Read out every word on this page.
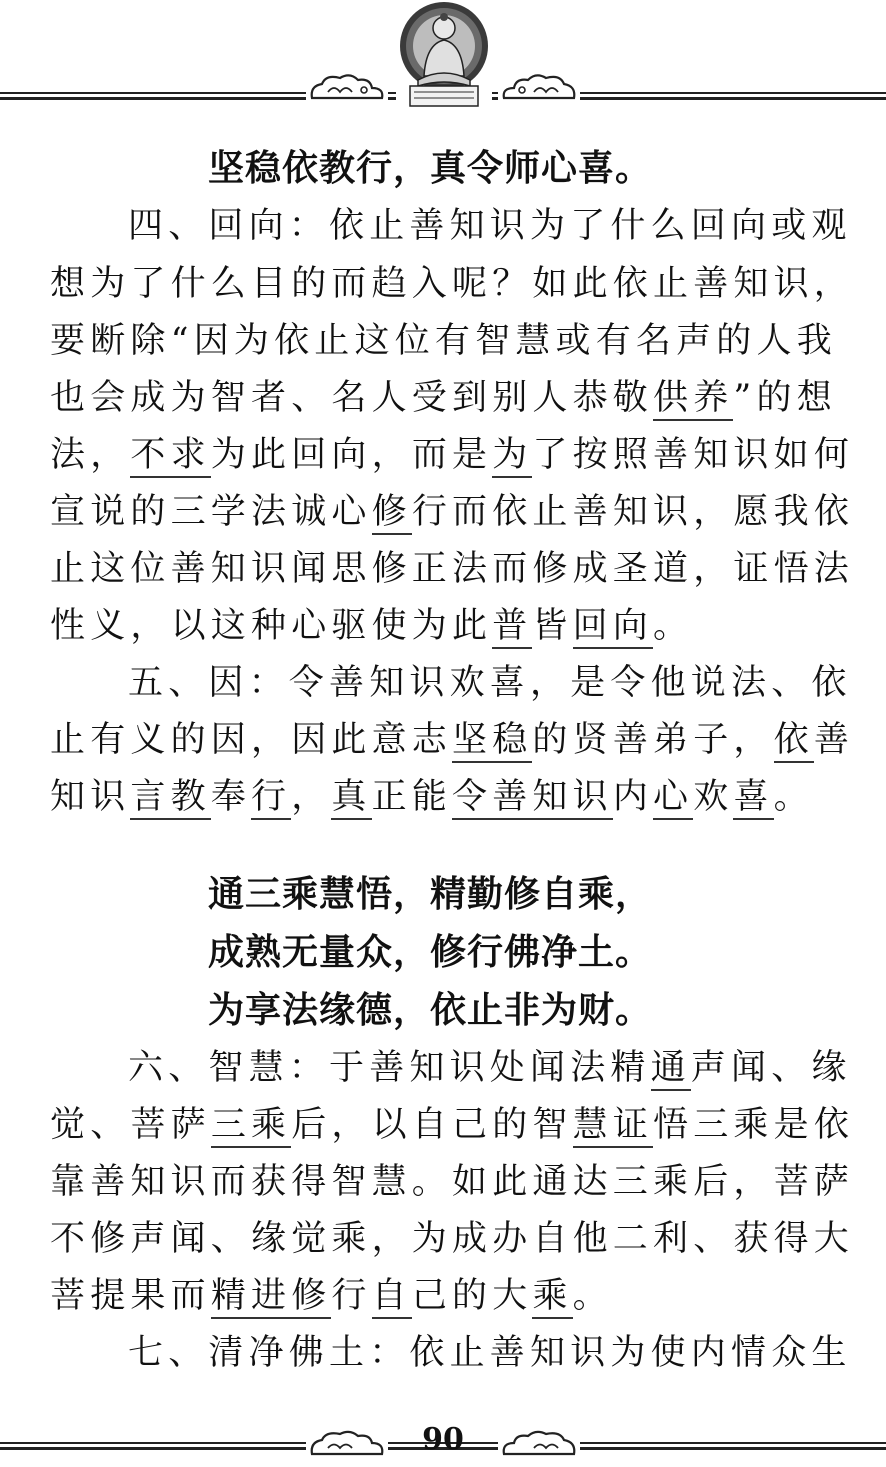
坚稳依教行，真令师心喜。
四、回向：依止善知识为了什么回向或观
想为了什么目的而趋入呢？如此依止善知识，
要断除“因为依止这位有智慧或有名声的人我
也会成为智者、名人受到别人恭敬供养”的想
法，不求为此回向，而是为了按照善知识如何
宣说的三学法诚心修行而依止善知识，愿我依
止这位善知识闻思修正法而修成圣道，证悟法
性义，以这种心驱使为此普皆回向。
五、因：令善知识欢喜，是令他说法、依
止有义的因，因此意志坚稳的贤善弟子，依善
知识言教奉行，真正能令善知识内心欢喜。
通三乘慧悟，精勤修自乘，
成熟无量众，修行佛净土。
为享法缘德，依止非为财。
六、智慧：于善知识处闻法精通声闻、缘
觉、菩萨三乘后，以自己的智慧证悟三乘是依
靠善知识而获得智慧。如此通达三乘后，菩萨
不修声闻、缘觉乘，为成办自他二利、获得大
菩提果而精进修行自己的大乘。
七、清净佛土：依止善知识为使内情众生
90
